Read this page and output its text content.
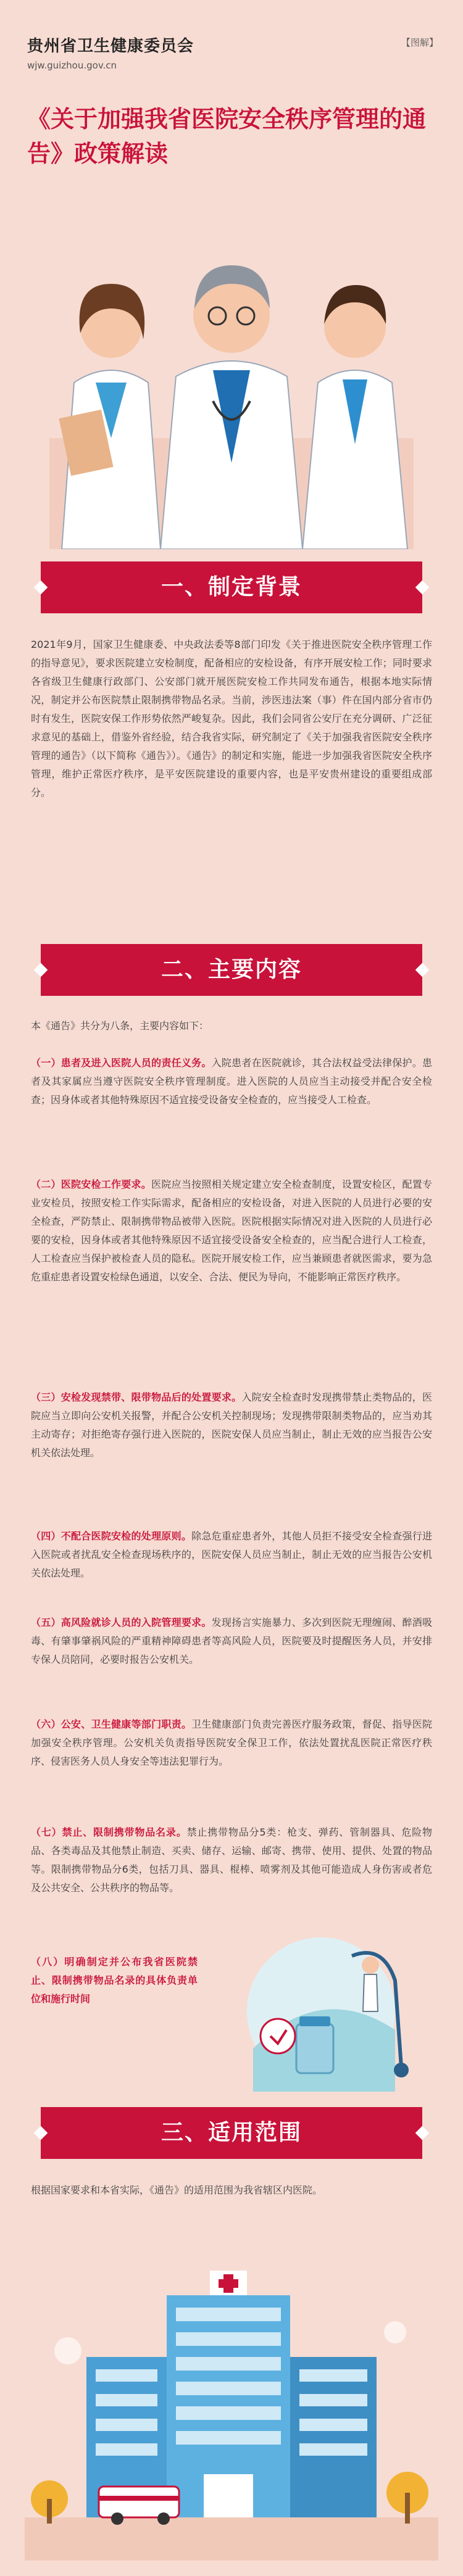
贵州省卫生健康委员会
wjw.guizhou.gov.cn
【图解】
《关于加强我省医院安全秩序管理的通告》政策解读
一、制定背景
2021年9月，国家卫生健康委、中央政法委等8部门印发《关于推进医院安全秩序管理工作的指导意见》，要求医院建立安检制度，配备相应的安检设备，有序开展安检工作；同时要求各省级卫生健康行政部门、公安部门就开展医院安检工作共同发布通告，根据本地实际情况，制定并公布医院禁止限制携带物品名录。当前，涉医违法案（事）件在国内部分省市仍时有发生，医院安保工作形势依然严峻复杂。因此，我们会同省公安厅在充分调研、广泛征求意见的基础上，借鉴外省经验，结合我省实际，研究制定了《关于加强我省医院安全秩序管理的通告》（以下简称《通告》）。《通告》的制定和实施，能进一步加强我省医院安全秩序管理，维护正常医疗秩序，是平安医院建设的重要内容，也是平安贵州建设的重要组成部分。
二、主要内容
本《通告》共分为八条，主要内容如下：
（一）患者及进入医院人员的责任义务。入院患者在医院就诊，其合法权益受法律保护。患者及其家属应当遵守医院安全秩序管理制度。进入医院的人员应当主动接受并配合安全检查；因身体或者其他特殊原因不适宜接受设备安全检查的，应当接受人工检查。
（二）医院安检工作要求。医院应当按照相关规定建立安全检查制度，设置安检区，配置专业安检员，按照安检工作实际需求，配备相应的安检设备，对进入医院的人员进行必要的安全检查，严防禁止、限制携带物品被带入医院。医院根据实际情况对进入医院的人员进行必要的安检，因身体或者其他特殊原因不适宜接受设备安全检查的，应当配合进行人工检查，人工检查应当保护被检查人员的隐私。医院开展安检工作，应当兼顾患者就医需求，要为急危重症患者设置安检绿色通道，以安全、合法、便民为导向，不能影响正常医疗秩序。
（三）安检发现禁带、限带物品后的处置要求。入院安全检查时发现携带禁止类物品的，医院应当立即向公安机关报警，并配合公安机关控制现场；发现携带限制类物品的，应当劝其主动寄存；对拒绝寄存强行进入医院的，医院安保人员应当制止，制止无效的应当报告公安机关依法处理。
（四）不配合医院安检的处理原则。除急危重症患者外，其他人员拒不接受安全检查强行进入医院或者扰乱安全检查现场秩序的，医院安保人员应当制止，制止无效的应当报告公安机关依法处理。
（五）高风险就诊人员的入院管理要求。发现扬言实施暴力、多次到医院无理缠闹、醉酒吸毒、有肇事肇祸风险的严重精神障碍患者等高风险人员，医院要及时提醒医务人员，并安排专保人员陪同，必要时报告公安机关。
（六）公安、卫生健康等部门职责。卫生健康部门负责完善医疗服务政策，督促、指导医院加强安全秩序管理。公安机关负责指导医院安全保卫工作，依法处置扰乱医院正常医疗秩序、侵害医务人员人身安全等违法犯罪行为。
（七）禁止、限制携带物品名录。禁止携带物品分5类：枪支、弹药、管制器具、危险物品、各类毒品及其他禁止制造、买卖、储存、运输、邮寄、携带、使用、提供、处置的物品等。限制携带物品分6类，包括刀具、器具、棍棒、喷雾剂及其他可能造成人身伤害或者危及公共安全、公共秩序的物品等。
（八）明确制定并公布我省医院禁止、限制携带物品名录的具体负责单位和施行时间
三、适用范围
根据国家要求和本省实际，《通告》的适用范围为我省辖区内医院。
